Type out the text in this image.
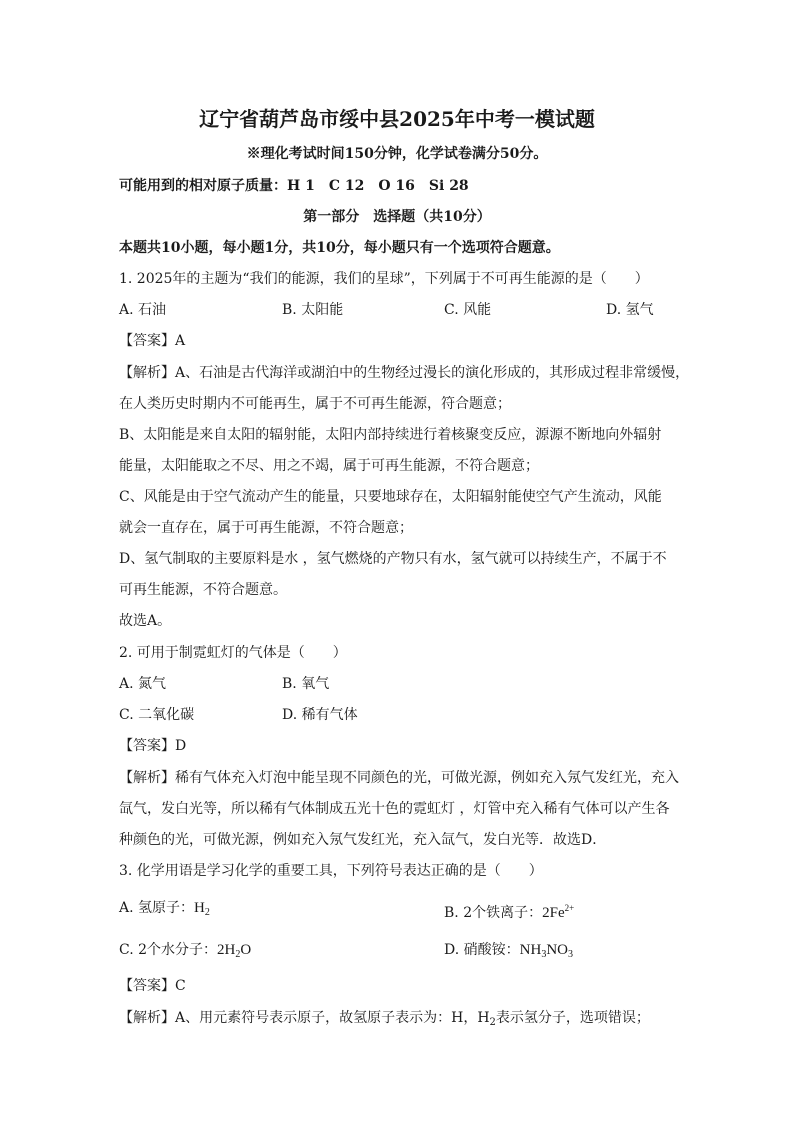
辽宁省葫芦岛市绥中县2025年中考一模试题
※理化考试时间150分钟，化学试卷满分50分。
可能用到的相对原子质量：H 1　C 12　O 16　Si 28
第一部分　选择题（共10分）
本题共10小题，每小题1分，共10分，每小题只有一个选项符合题意。
1. 2025年的主题为“我们的能源，我们的星球”，下列属于不可再生能源的是（　　）
A. 石油	B. 太阳能	C. 风能	D. 氢气
【答案】A
【解析】A、石油是古代海洋或湖泊中的生物经过漫长的演化形成的，其形成过程非常缓慢，
在人类历史时期内不可能再生，属于不可再生能源，符合题意；
B、太阳能是来自太阳的辐射能，太阳内部持续进行着核聚变反应，源源不断地向外辐射
能量，太阳能取之不尽、用之不竭，属于可再生能源，不符合题意；
C、风能是由于空气流动产生的能量，只要地球存在，太阳辐射能使空气产生流动，风能
就会一直存在，属于可再生能源，不符合题意；
D、氢气制取的主要原料是水 ，氢气燃烧的产物只有水，氢气就可以持续生产，不属于不
可再生能源，不符合题意。
故选A。
2. 可用于制霓虹灯的气体是（　　）
A. 氮气	B. 氧气
C. 二氧化碳	D. 稀有气体
【答案】D
【解析】稀有气体充入灯泡中能呈现不同颜色的光，可做光源，例如充入氖气发红光，充入
氙气，发白光等，所以稀有气体制成五光十色的霓虹灯 ，灯管中充入稀有气体可以产生各
种颜色的光，可做光源，例如充入氖气发红光，充入氙气，发白光等．故选D．
3. 化学用语是学习化学的重要工具，下列符号表达正确的是（　　）
A. 氢原子：$H_2$	B. 2个铁离子：$2Fe^{2+}$
C. 2个水分子：$2H_2O$	D. 硝酸铵：$NH_3NO_3$
【答案】C
【解析】A、用元素符号表示原子，故氢原子表示为：H，$H_2$表示氢分子，选项错误；
